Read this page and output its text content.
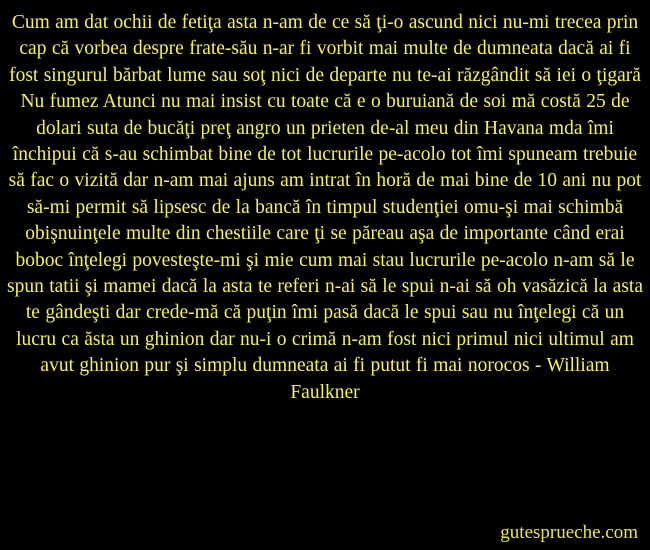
Cum am dat ochii de fetiţa asta n-am de ce să ţi-o ascund nici nu-mi trecea prin cap că vorbea despre frate-său n-ar fi vorbit mai multe de dumneata dacă ai fi fost singurul bărbat lume sau soţ nici de departe nu te-ai răzgândit să iei o ţigară Nu fumez Atunci nu mai insist cu toate că e o buruiană de soi mă costă 25 de dolari suta de bucăţi preţ angro un prieten de-al meu din Havana mda îmi închipui că s-au schimbat bine de tot lucrurile pe-acolo tot îmi spuneam trebuie să fac o vizită dar n-am mai ajuns am intrat în horă de mai bine de 10 ani nu pot să-mi permit să lipsesc de la bancă în timpul studenţiei omu-şi mai schimbă obişnuinţele multe din chestiile care ţi se păreau aşa de importante când erai boboc înţelegi povesteşte-mi şi mie cum mai stau lucrurile pe-acolo n-am să le spun tatii şi mamei dacă la asta te referi n-ai să le spui n-ai să oh vasăzică la asta te gândeşti dar crede-mă că puţin îmi pasă dacă le spui sau nu înţelegi că un lucru ca ăsta un ghinion dar nu-i o crimă n-am fost nici primul nici ultimul am avut ghinion pur şi simplu dumneata ai fi putut fi mai norocos - William Faulkner

gutesprueche.com
